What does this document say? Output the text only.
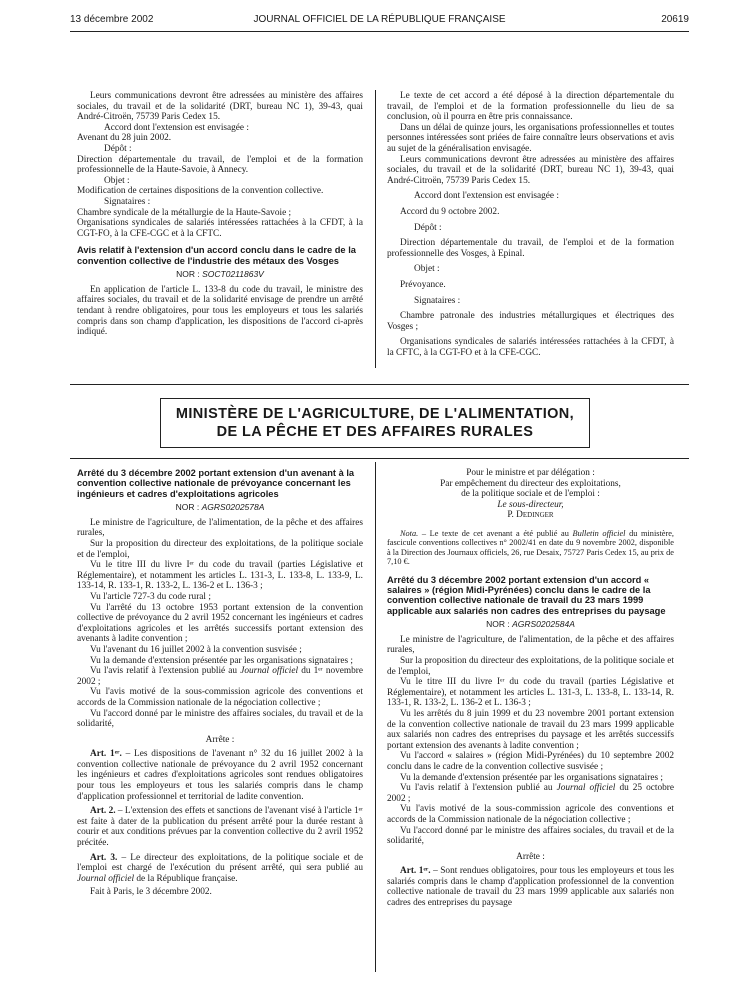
13 décembre 2002	JOURNAL OFFICIEL DE LA RÉPUBLIQUE FRANÇAISE	20619

Leurs communications devront être adressées au ministère des affaires sociales, du travail et de la solidarité (DRT, bureau NC 1), 39-43, quai André-Citroën, 75739 Paris Cedex 15.

Accord dont l'extension est envisagée :

Avenant du 28 juin 2002.

Dépôt :

Direction départementale du travail, de l'emploi et de la formation professionnelle de la Haute-Savoie, à Annecy.

Objet :

Modification de certaines dispositions de la convention collective.

Signataires :

Chambre syndicale de la métallurgie de la Haute-Savoie ;

Organisations syndicales de salariés intéressées rattachées à la CFDT, à la CGT-FO, à la CFE-CGC et à la CFTC.

Avis relatif à l'extension d'un accord conclu dans le cadre de la convention collective de l'industrie des métaux des Vosges

NOR : SOCT0211863V

En application de l'article L. 133-8 du code du travail, le ministre des affaires sociales, du travail et de la solidarité envisage de prendre un arrêté tendant à rendre obligatoires, pour tous les employeurs et tous les salariés compris dans son champ d'application, les dispositions de l'accord ci-après indiqué.

Le texte de cet accord a été déposé à la direction départementale du travail, de l'emploi et de la formation professionnelle du lieu de sa conclusion, où il pourra en être pris connaissance.

Dans un délai de quinze jours, les organisations professionnelles et toutes personnes intéressées sont priées de faire connaître leurs observations et avis au sujet de la généralisation envisagée.

Leurs communications devront être adressées au ministère des affaires sociales, du travail et de la solidarité (DRT, bureau NC 1), 39-43, quai André-Citroën, 75739 Paris Cedex 15.

Accord dont l'extension est envisagée :

Accord du 9 octobre 2002.

Dépôt :

Direction départementale du travail, de l'emploi et de la formation professionnelle des Vosges, à Epinal.

Objet :

Prévoyance.

Signataires :

Chambre patronale des industries métallurgiques et électriques des Vosges ;

Organisations syndicales de salariés intéressées rattachées à la CFDT, à la CFTC, à la CGT-FO et à la CFE-CGC.

MINISTÈRE DE L'AGRICULTURE, DE L'ALIMENTATION,
DE LA PÊCHE ET DES AFFAIRES RURALES

Arrêté du 3 décembre 2002 portant extension d'un avenant à la convention collective nationale de prévoyance concernant les ingénieurs et cadres d'exploitations agricoles

NOR : AGRS0202578A

Le ministre de l'agriculture, de l'alimentation, de la pêche et des affaires rurales,

Sur la proposition du directeur des exploitations, de la politique sociale et de l'emploi,

Vu le titre III du livre Iᵉʳ du code du travail (parties Législative et Réglementaire), et notamment les articles L. 131-3, L. 133-8, L. 133-9, L. 133-14, R. 133-1, R. 133-2, L. 136-2 et L. 136-3 ;

Vu l'article 727-3 du code rural ;

Vu l'arrêté du 13 octobre 1953 portant extension de la convention collective de prévoyance du 2 avril 1952 concernant les ingénieurs et cadres d'exploitations agricoles et les arrêtés successifs portant extension des avenants à ladite convention ;

Vu l'avenant du 16 juillet 2002 à la convention susvisée ;

Vu la demande d'extension présentée par les organisations signataires ;

Vu l'avis relatif à l'extension publié au Journal officiel du 1ᵉʳ novembre 2002 ;

Vu l'avis motivé de la sous-commission agricole des conventions et accords de la Commission nationale de la négociation collective ;

Vu l'accord donné par le ministre des affaires sociales, du travail et de la solidarité,

Arrête :

Art. 1ᵉʳ. – Les dispositions de l'avenant n° 32 du 16 juillet 2002 à la convention collective nationale de prévoyance du 2 avril 1952 concernant les ingénieurs et cadres d'exploitations agricoles sont rendues obligatoires pour tous les employeurs et tous les salariés compris dans le champ d'application professionnel et territorial de ladite convention.

Art. 2. – L'extension des effets et sanctions de l'avenant visé à l'article 1ᵉʳ est faite à dater de la publication du présent arrêté pour la durée restant à courir et aux conditions prévues par la convention collective du 2 avril 1952 précitée.

Art. 3. – Le directeur des exploitations, de la politique sociale et de l'emploi est chargé de l'exécution du présent arrêté, qui sera publié au Journal officiel de la République française.

Fait à Paris, le 3 décembre 2002.

Pour le ministre et par délégation :

Par empêchement du directeur des exploitations,

de la politique sociale et de l'emploi :

Le sous-directeur,

P. Dedinger

Nota. – Le texte de cet avenant a été publié au Bulletin officiel du ministère, fascicule conventions collectives n° 2002/41 en date du 9 novembre 2002, disponible à la Direction des Journaux officiels, 26, rue Desaix, 75727 Paris Cedex 15, au prix de 7,10 €.

Arrêté du 3 décembre 2002 portant extension d'un accord « salaires » (région Midi-Pyrénées) conclu dans le cadre de la convention collective nationale de travail du 23 mars 1999 applicable aux salariés non cadres des entreprises du paysage

NOR : AGRS0202584A

Le ministre de l'agriculture, de l'alimentation, de la pêche et des affaires rurales,

Sur la proposition du directeur des exploitations, de la politique sociale et de l'emploi,

Vu le titre III du livre Iᵉʳ du code du travail (parties Législative et Réglementaire), et notamment les articles L. 131-3, L. 133-8, L. 133-14, R. 133-1, R. 133-2, L. 136-2 et L. 136-3 ;

Vu les arrêtés du 8 juin 1999 et du 23 novembre 2001 portant extension de la convention collective nationale de travail du 23 mars 1999 applicable aux salariés non cadres des entreprises du paysage et les arrêtés successifs portant extension des avenants à ladite convention ;

Vu l'accord « salaires » (région Midi-Pyrénées) du 10 septembre 2002 conclu dans le cadre de la convention collective susvisée ;

Vu la demande d'extension présentée par les organisations signataires ;

Vu l'avis relatif à l'extension publié au Journal officiel du 25 octobre 2002 ;

Vu l'avis motivé de la sous-commission agricole des conventions et accords de la Commission nationale de la négociation collective ;

Vu l'accord donné par le ministre des affaires sociales, du travail et de la solidarité,

Arrête :

Art. 1ᵉʳ. – Sont rendues obligatoires, pour tous les employeurs et tous les salariés compris dans le champ d'application professionnel de la convention collective nationale de travail du 23 mars 1999 applicable aux salariés non cadres des entreprises du paysage
